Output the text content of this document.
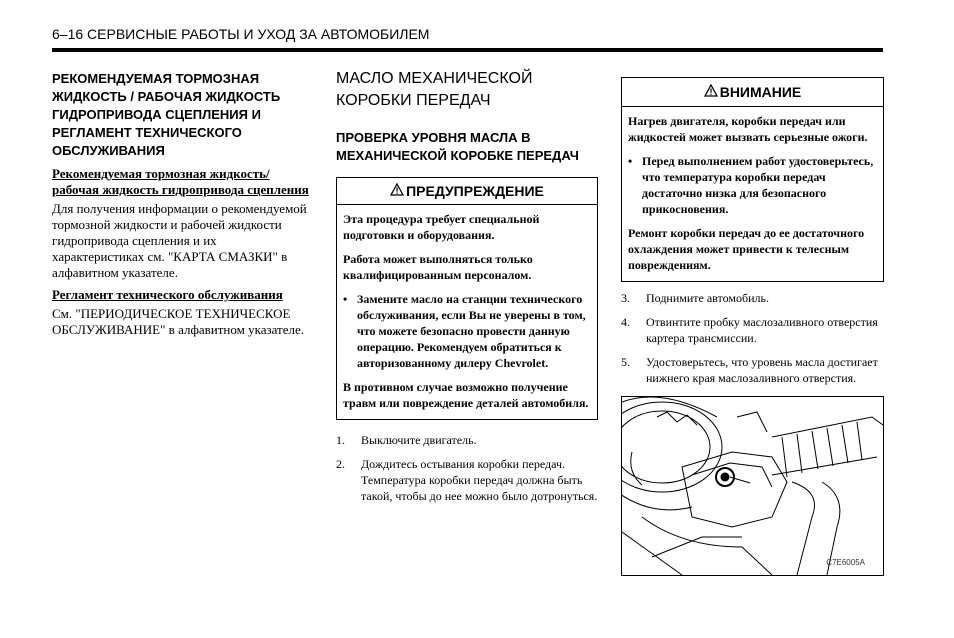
6–16 СЕРВИСНЫЕ РАБОТЫ И УХОД ЗА АВТОМОБИЛЕМ

РЕКОМЕНДУЕМАЯ ТОРМОЗНАЯ ЖИДКОСТЬ / РАБОЧАЯ ЖИДКОСТЬ ГИДРОПРИВОДА СЦЕПЛЕНИЯ И РЕГЛАМЕНТ ТЕХНИЧЕСКОГО ОБСЛУЖИВАНИЯ

Рекомендуемая тормозная жидкость/ рабочая жидкость гидропривода сцепления

Для получения информации о рекомендуемой тормозной жидкости и рабочей жидкости гидропривода сцепления и их характеристиках см. "КАРТА СМАЗКИ" в алфавитном указателе.

Регламент технического обслуживания

См. "ПЕРИОДИЧЕСКОЕ ТЕХНИЧЕСКОЕ ОБСЛУЖИВАНИЕ" в алфавитном указателе.

МАСЛО МЕХАНИЧЕСКОЙ КОРОБКИ ПЕРЕДАЧ

ПРОВЕРКА УРОВНЯ МАСЛА В МЕХАНИЧЕСКОЙ КОРОБКЕ ПЕРЕДАЧ

ПРЕДУПРЕЖДЕНИЕ

Эта процедура требует специальной подготовки и оборудования.

Работа может выполняться только квалифицированным персоналом.

• Замените масло на станции технического обслуживания, если Вы не уверены в том, что можете безопасно провести данную операцию. Рекомендуем обратиться к авторизованному дилеру Chevrolet.

В противном случае возможно получение травм или повреждение деталей автомобиля.

1.	Выключите двигатель.
2.	Дождитесь остывания коробки передач. Температура коробки передач должна быть такой, чтобы до нее можно было дотронуться.
ВНИМАНИЕ

Нагрев двигателя, коробки передач или жидкостей может вызвать серьезные ожоги.

• Перед выполнением работ удостоверьтесь, что температура коробки передач достаточно низка для безопасного прикосновения.

Ремонт коробки передач до ее достаточного охлаждения может привести к телесным повреждениям.

3.	Поднимите автомобиль.
4.	Отвинтите пробку маслозаливного отверстия картера трансмиссии.
5.	Удостоверьтесь, что уровень масла достигает нижнего края маслозаливного отверстия.
C7E6005A
